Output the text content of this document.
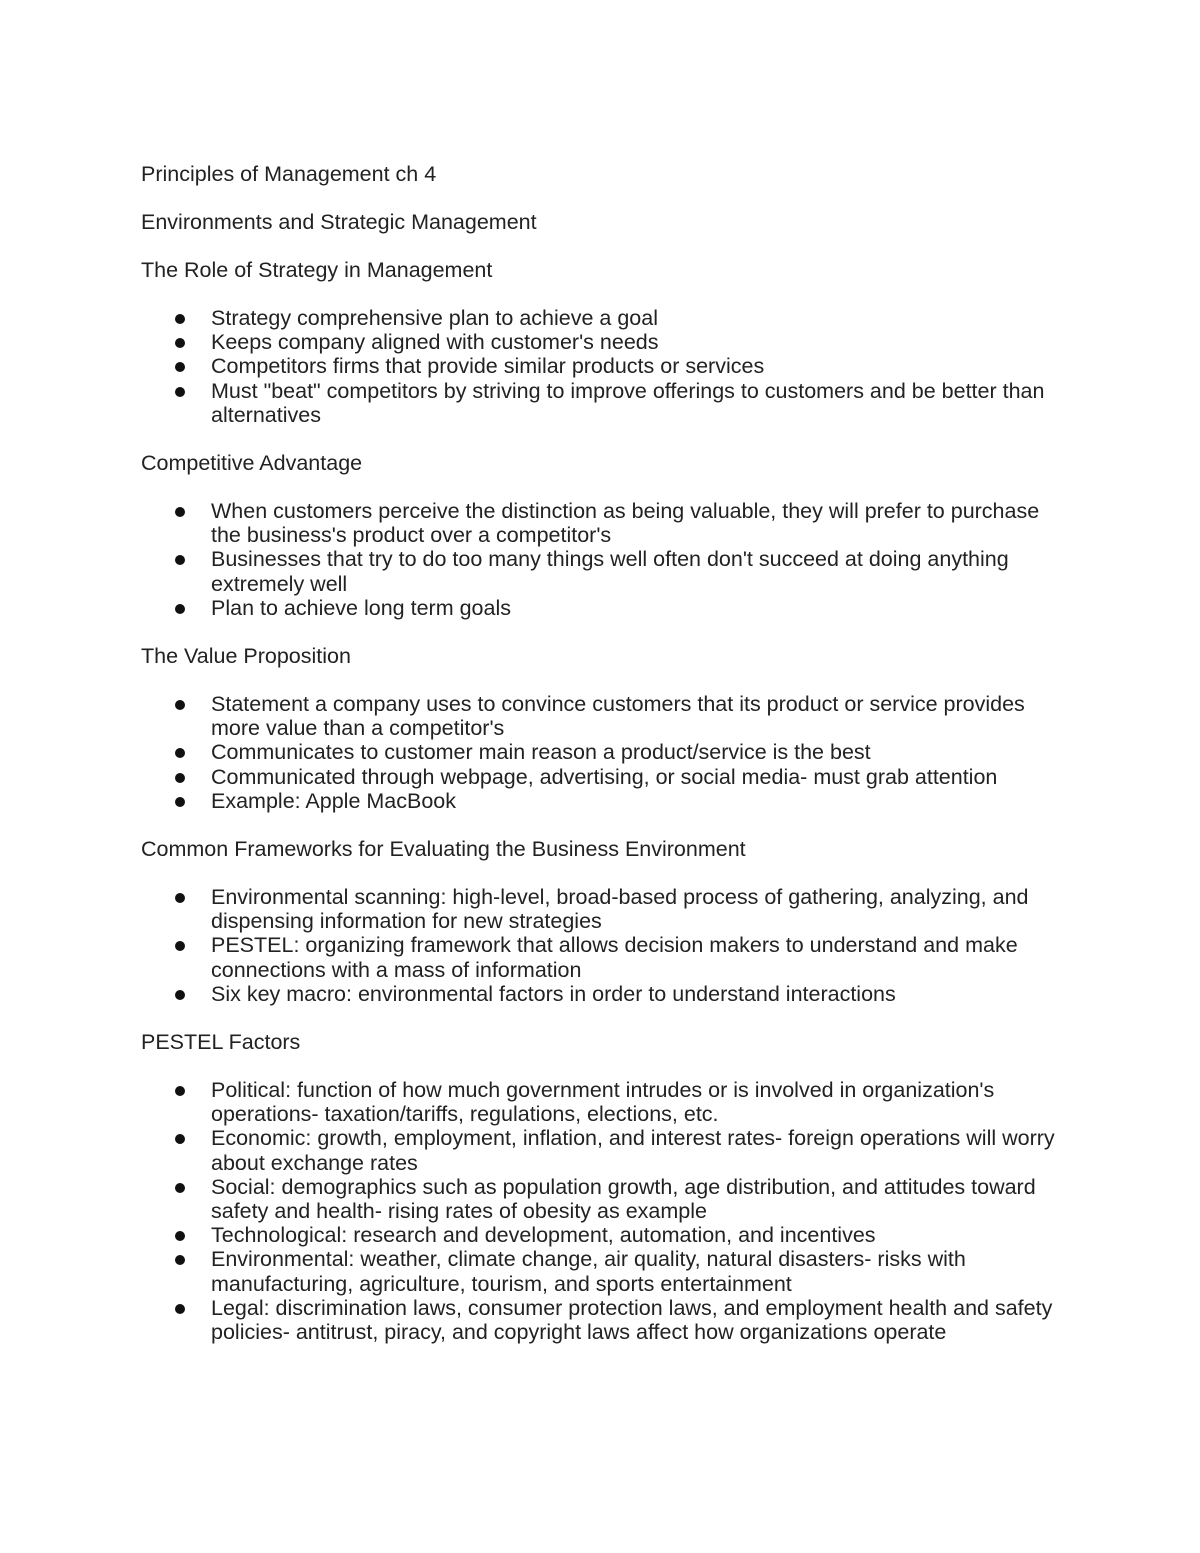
Principles of Management ch 4
Environments and Strategic Management
The Role of Strategy in Management
Strategy comprehensive plan to achieve a goal
Keeps company aligned with customer's needs
Competitors firms that provide similar products or services
Must "beat" competitors by striving to improve offerings to customers and be better than alternatives
Competitive Advantage
When customers perceive the distinction as being valuable, they will prefer to purchase the business's product over a competitor's
Businesses that try to do too many things well often don't succeed at doing anything extremely well
Plan to achieve long term goals
The Value Proposition
Statement a company uses to convince customers that its product or service provides more value than a competitor's
Communicates to customer main reason a product/service is the best
Communicated through webpage, advertising, or social media- must grab attention
Example: Apple MacBook
Common Frameworks for Evaluating the Business Environment
Environmental scanning: high-level, broad-based process of gathering, analyzing, and dispensing information for new strategies
PESTEL: organizing framework that allows decision makers to understand and make connections with a mass of information
Six key macro: environmental factors in order to understand interactions
PESTEL Factors
Political: function of how much government intrudes or is involved in organization's operations- taxation/tariffs, regulations, elections, etc.
Economic: growth, employment, inflation, and interest rates- foreign operations will worry about exchange rates
Social: demographics such as population growth, age distribution, and attitudes toward safety and health- rising rates of obesity as example
Technological: research and development, automation, and incentives
Environmental: weather, climate change, air quality, natural disasters- risks with manufacturing, agriculture, tourism, and sports entertainment
Legal: discrimination laws, consumer protection laws, and employment health and safety policies- antitrust, piracy, and copyright laws affect how organizations operate
